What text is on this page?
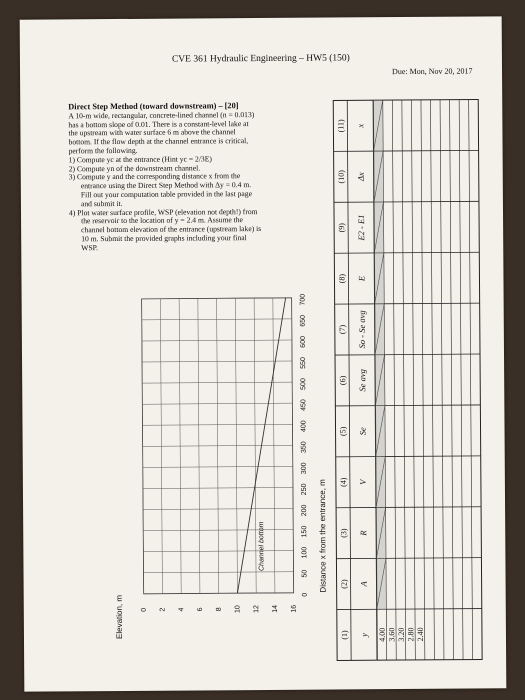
CVE 361 Hydraulic Engineering – HW5 (150)
Due: Mon, Nov 20, 2017

Direct Step Method (toward downstream) – [20]

A 10-m wide, rectangular, concrete-lined channel (n = 0.013)

has a bottom slope of 0.01. There is a constant-level lake at

the upstream with water surface 6 m above the channel

bottom. If the flow depth at the channel entrance is critical,

perform the following.

1) Compute yc at the entrance (Hint yc = 2/3E)

2) Compute yn of the downstream channel.

3) Compute y and the corresponding distance x from the

entrance using the Direct Step Method with Δy = 0.4 m.

Fill out your computation table provided in the last page

and submit it.

4) Plot water surface profile, WSP (elevation not depth!) from

the reservoir to the location of y = 2.4 m. Assume the

channel bottom elevation of the entrance (upstream lake) is

10 m. Submit the provided graphs including your final

WSP.

0
50
100
150
200
250
300
350
400
450
500
550
600
650
700
0 2 4 6 8 10 12 14 16
Elevation, m
Distance x from the entrance, m
Channel bottom
(1) y
(2) A
(3) R
(4) V
(5) Se
(6) Se avg
(7) So - Se avg
(8) E
(9) E2 - E1
(10) Δx
(11) x
4.00 3.60 3.20 2.80 2.40
